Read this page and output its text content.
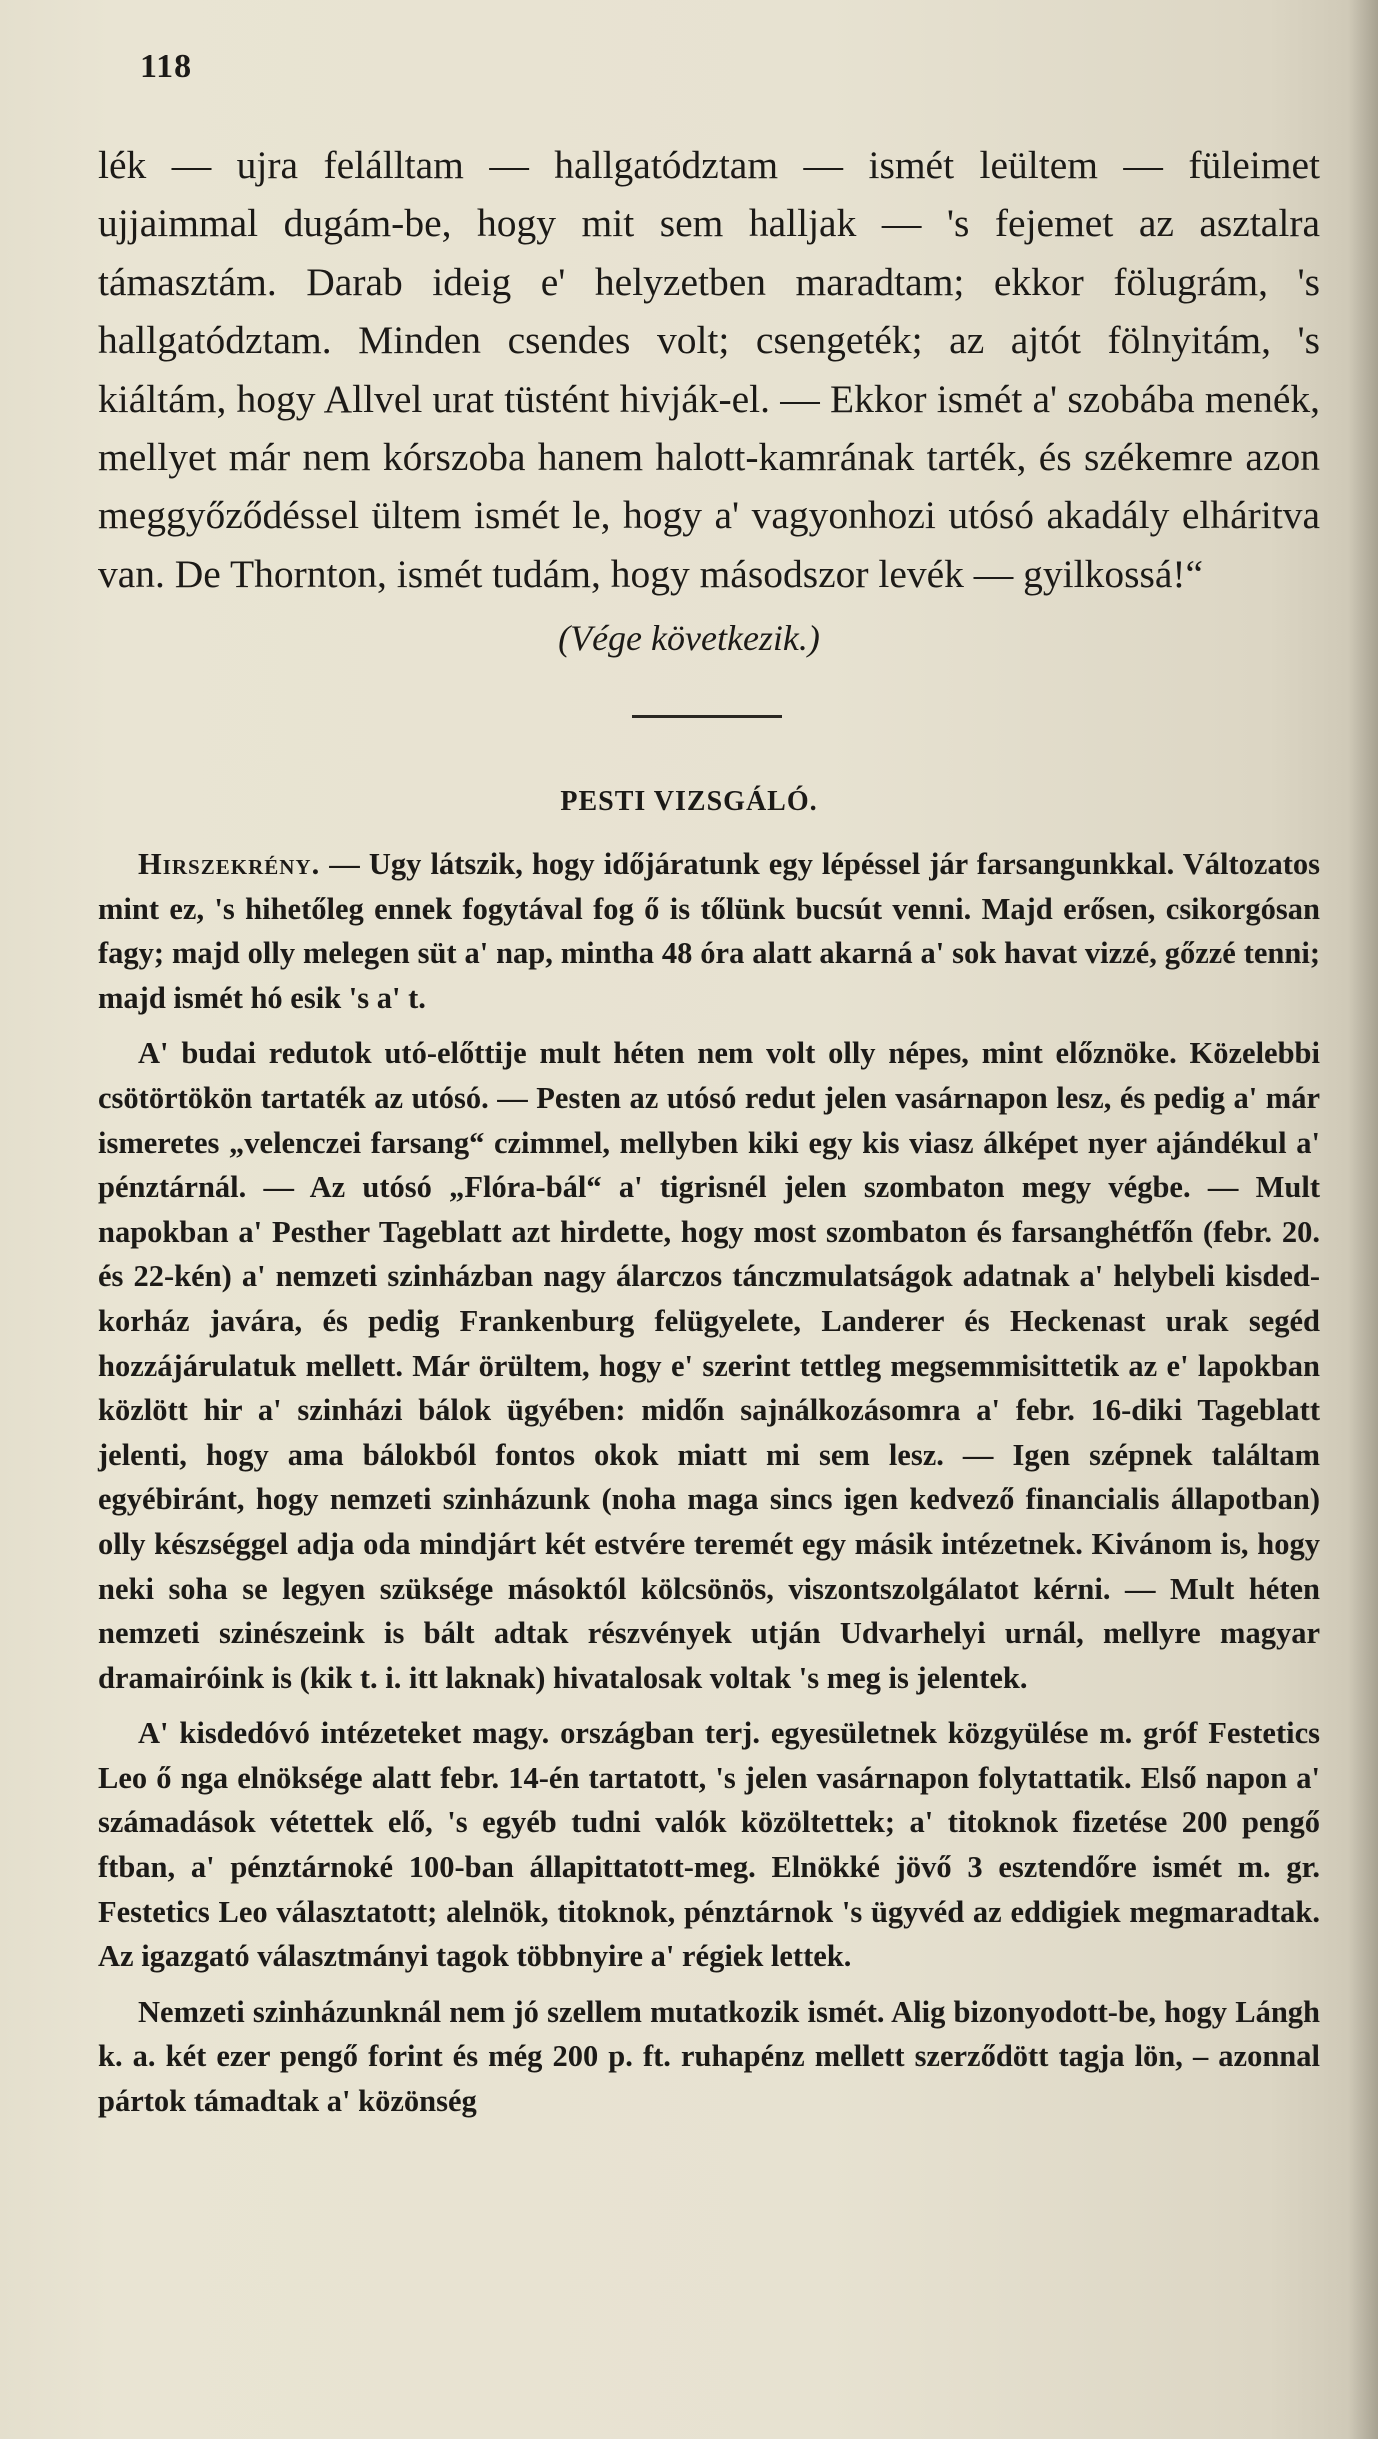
118

lék — ujra felálltam — hallgatództam — ismét leültem — füleimet ujjaimmal dugám-be, hogy mit sem halljak — 's fejemet az asztalra támasztám. Darab ideig e' helyzetben maradtam; ekkor fölugrám, 's hallgatództam. Minden csendes volt; csengeték; az ajtót fölnyitám, 's kiáltám, hogy Allvel urat tüstént hivják-el. — Ekkor ismét a' szobába menék, mellyet már nem kórszoba hanem halott-kamrának tarték, és székemre azon meggyőződéssel ültem ismét le, hogy a' vagyonhozi utósó akadály elháritva van. De Thornton, ismét tudám, hogy másodszor levék — gyilkossá!“

(Vége következik.)
PESTI VIZSGÁLÓ.

Hirszekrény. — Ugy látszik, hogy időjáratunk egy lépéssel jár farsangunkkal. Változatos mint ez, 's hihetőleg ennek fogytával fog ő is tőlünk bucsút venni. Majd erősen, csikorgósan fagy; majd olly melegen süt a' nap, mintha 48 óra alatt akarná a' sok havat vizzé, gőzzé tenni; majd ismét hó esik 's a' t.

A' budai redutok utó-előttije mult héten nem volt olly népes, mint előznöke. Közelebbi csötörtökön tartaték az utósó. — Pesten az utósó redut jelen vasárnapon lesz, és pedig a' már ismeretes „velenczei farsang“ czimmel, mellyben kiki egy kis viasz álképet nyer ajándékul a' pénztárnál. — Az utósó „Flóra-bál“ a' tigrisnél jelen szombaton megy végbe. — Mult napokban a' Pesther Tageblatt azt hirdette, hogy most szombaton és farsanghétfőn (febr. 20. és 22-kén) a' nemzeti szinházban nagy álarczos tánczmulatságok adatnak a' helybeli kisded-korház javára, és pedig Frankenburg felügyelete, Landerer és Heckenast urak segéd hozzájárulatuk mellett. Már örültem, hogy e' szerint tettleg megsemmisittetik az e' lapokban közlött hir a' szinházi bálok ügyében: midőn sajnálkozásomra a' febr. 16-diki Tageblatt jelenti, hogy ama bálokból fontos okok miatt mi sem lesz. — Igen szépnek találtam egyébiránt, hogy nemzeti szinházunk (noha maga sincs igen kedvező financialis állapotban) olly készséggel adja oda mindjárt két estvére teremét egy másik intézetnek. Kivánom is, hogy neki soha se legyen szüksége másoktól kölcsönös, viszontszolgálatot kérni. — Mult héten nemzeti szinészeink is bált adtak részvények utján Udvarhelyi urnál, mellyre magyar dramairóink is (kik t. i. itt laknak) hivatalosak voltak 's meg is jelentek.

A' kisdedóvó intézeteket magy. országban terj. egyesületnek közgyülése m. gróf Festetics Leo ő nga elnöksége alatt febr. 14-én tartatott, 's jelen vasárnapon folytattatik. Első napon a' számadások vétettek elő, 's egyéb tudni valók közöltettek; a' titoknok fizetése 200 pengő ftban, a' pénztárnoké 100-ban állapittatott-meg. Elnökké jövő 3 esztendőre ismét m. gr. Festetics Leo választatott; alelnök, titoknok, pénztárnok 's ügyvéd az eddigiek megmaradtak. Az igazgató választmányi tagok többnyire a' régiek lettek.

Nemzeti szinházunknál nem jó szellem mutatkozik ismét. Alig bizonyodott-be, hogy Lángh k. a. két ezer pengő forint és még 200 p. ft. ruhapénz mellett szerződött tagja lön, – azonnal pártok támadtak a' közönség
